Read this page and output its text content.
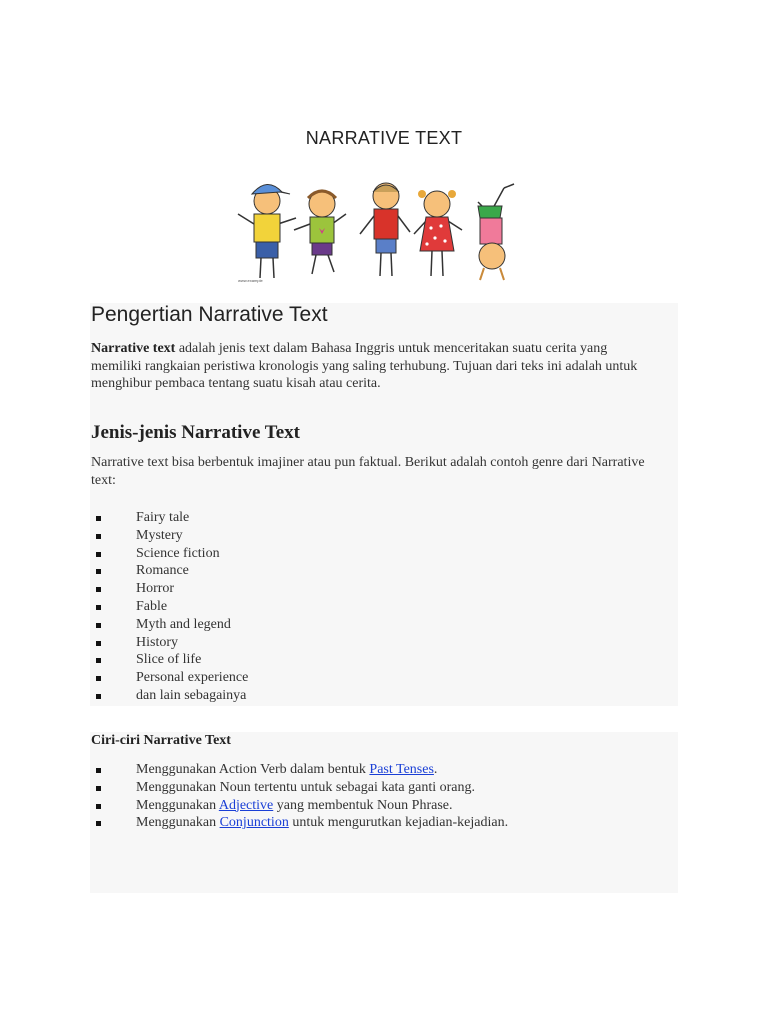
NARRATIVE TEXT
www.example
Pengertian Narrative Text

Narrative text adalah jenis text dalam Bahasa Inggris untuk menceritakan suatu cerita yang memiliki rangkaian peristiwa kronologis yang saling terhubung. Tujuan dari teks ini adalah untuk menghibur pembaca tentang suatu kisah atau cerita.

Jenis-jenis Narrative Text

Narrative text bisa berbentuk imajiner atau pun faktual. Berikut adalah contoh genre dari Narrative text:

Fairy tale
Mystery
Science fiction
Romance
Horror
Fable
Myth and legend
History
Slice of life
Personal experience
dan lain sebagainya
Ciri-ciri Narrative Text
Menggunakan Action Verb dalam bentuk Past Tenses.
Menggunakan Noun tertentu untuk sebagai kata ganti orang.
Menggunakan Adjective yang membentuk Noun Phrase.
Menggunakan Conjunction untuk mengurutkan kejadian-kejadian.
